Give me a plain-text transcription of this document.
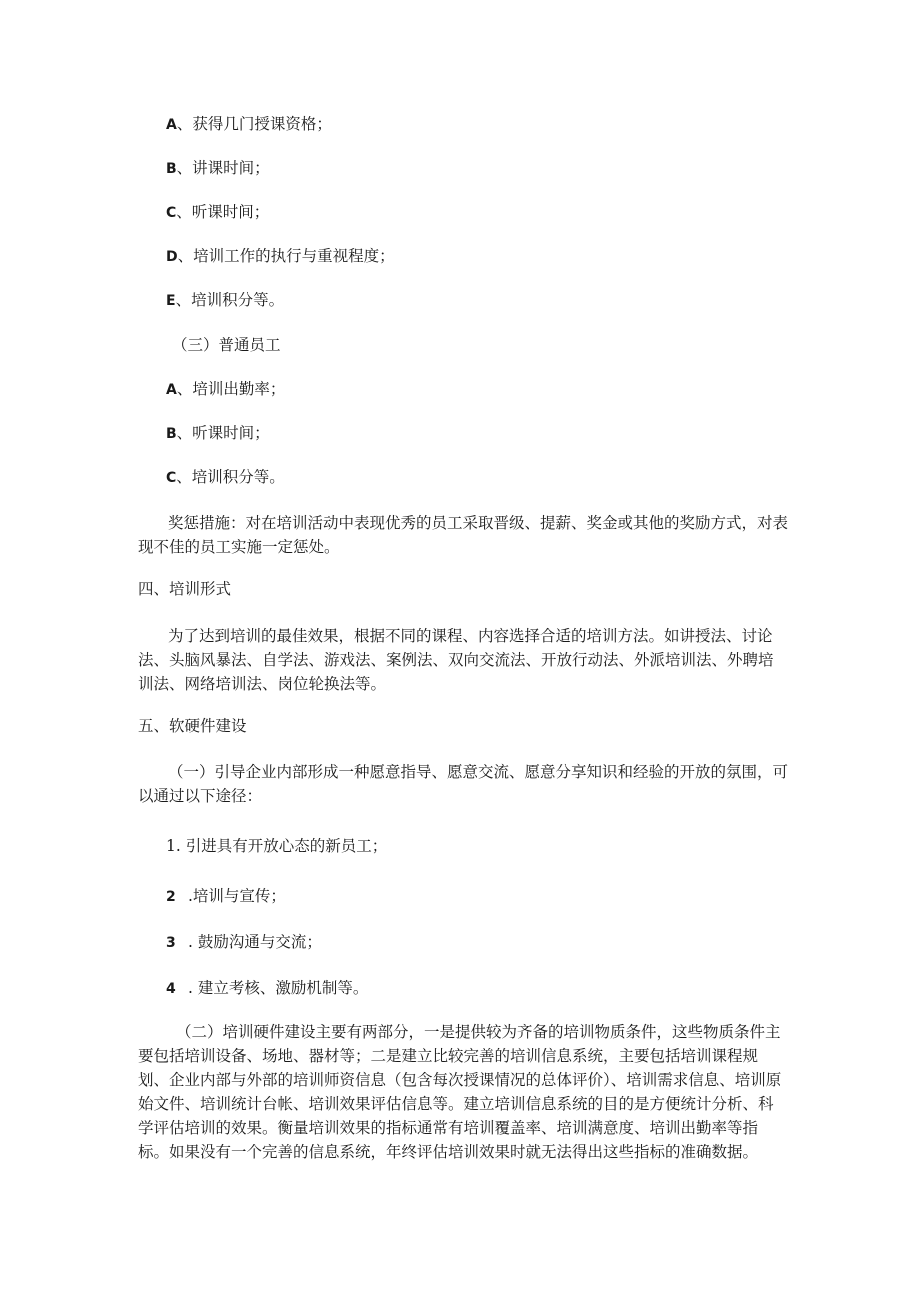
A、获得几门授课资格；
B、讲课时间；
C、听课时间；
D、培训工作的执行与重视程度；
E、培训积分等。
（三）普通员工
A、培训出勤率；
B、听课时间；
C、培训积分等。
奖惩措施：对在培训活动中表现优秀的员工采取晋级、提薪、奖金或其他的奖励方式，对表现不佳的员工实施一定惩处。
四、培训形式
为了达到培训的最佳效果，根据不同的课程、内容选择合适的培训方法。如讲授法、讨论法、头脑风暴法、自学法、游戏法、案例法、双向交流法、开放行动法、外派培训法、外聘培训法、网络培训法、岗位轮换法等。
五、软硬件建设
（一）引导企业内部形成一种愿意指导、愿意交流、愿意分享知识和经验的开放的氛围，可以通过以下途径：
1. 引进具有开放心态的新员工；
2 .培训与宣传；
3 . 鼓励沟通与交流；
4 . 建立考核、激励机制等。
（二）培训硬件建设主要有两部分，一是提供较为齐备的培训物质条件，这些物质条件主要包括培训设备、场地、器材等；二是建立比较完善的培训信息系统，主要包括培训课程规划、企业内部与外部的培训师资信息（包含每次授课情况的总体评价）、培训需求信息、培训原始文件、培训统计台帐、培训效果评估信息等。建立培训信息系统的目的是方便统计分析、科学评估培训的效果。衡量培训效果的指标通常有培训覆盖率、培训满意度、培训出勤率等指标。如果没有一个完善的信息系统，年终评估培训效果时就无法得出这些指标的准确数据。
